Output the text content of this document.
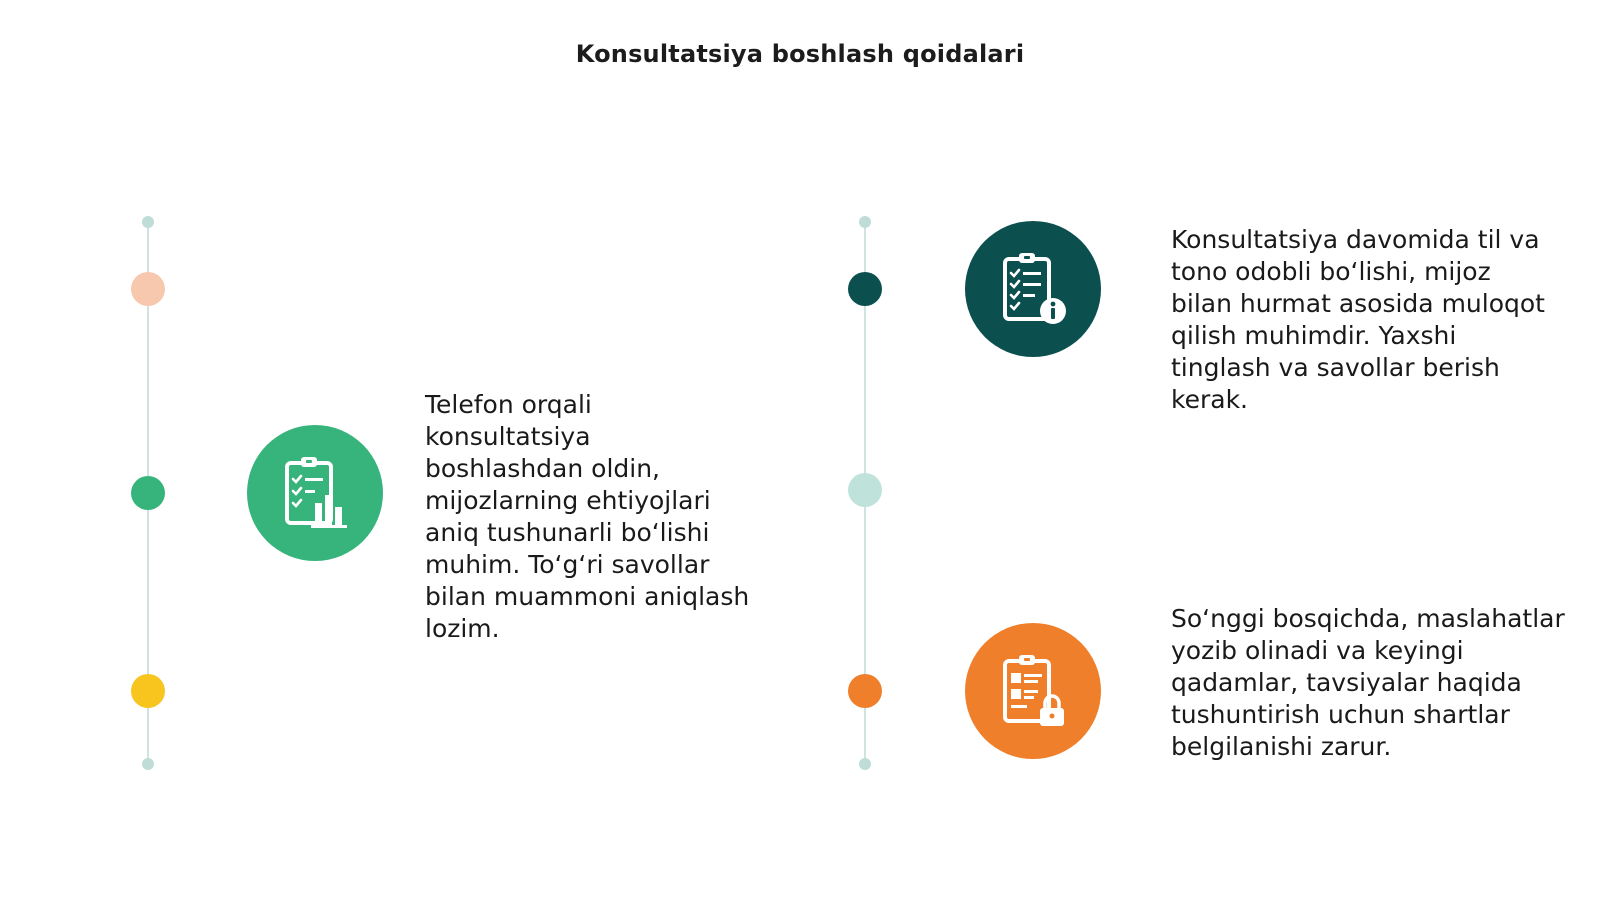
Konsultatsiya boshlash qoidalari
Telefon orqali konsultatsiya boshlashdan oldin, mijozlarning ehtiyojlari aniq tushunarli bo‘lishi muhim. To‘g‘ri savollar bilan muammoni aniqlash lozim.
Konsultatsiya davomida til va tono odobli bo‘lishi, mijoz bilan hurmat asosida muloqot qilish muhimdir. Yaxshi tinglash va savollar berish kerak.
So‘nggi bosqichda, maslahatlar yozib olinadi va keyingi qadamlar, tavsiyalar haqida tushuntirish uchun shartlar belgilanishi zarur.
